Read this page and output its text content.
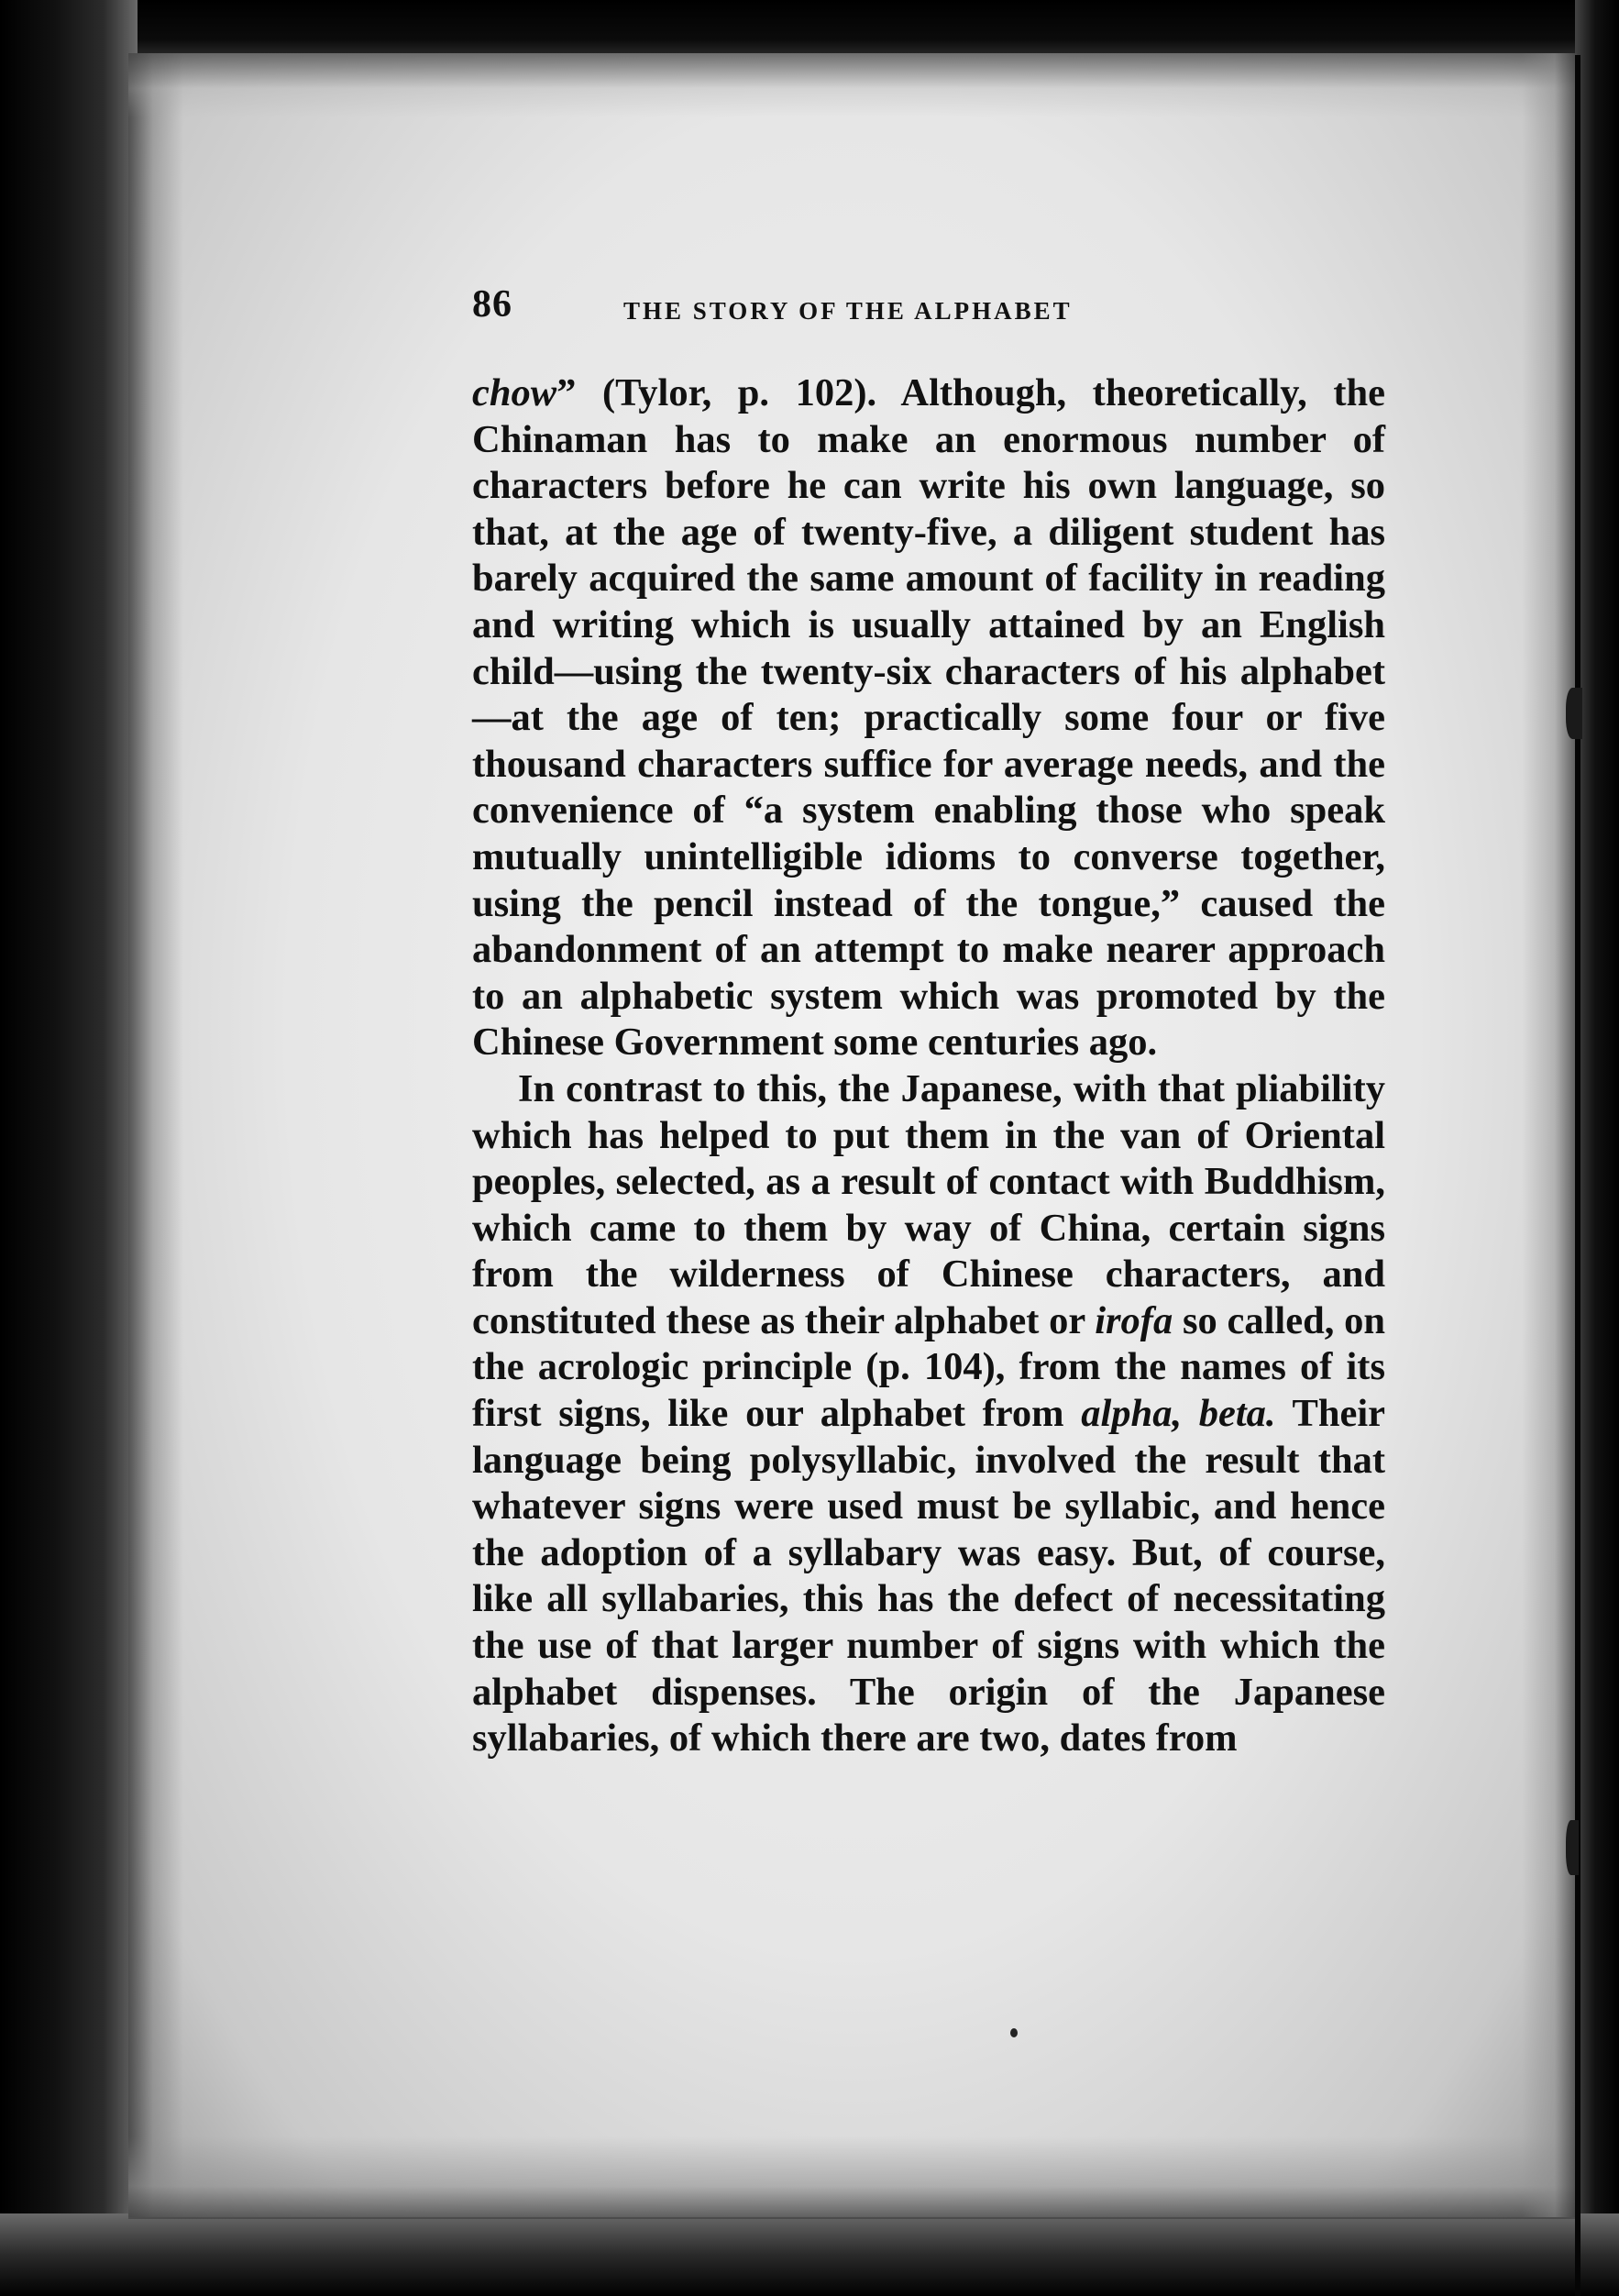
86	THE STORY OF THE ALPHABET

chow” (Tylor, p. 102). Although, theoretically, the Chinaman has to make an enormous number of characters before he can write his own language, so that, at the age of twenty-five, a diligent student has barely acquired the same amount of facility in reading and writing which is usually attained by an English child—using the twenty-six characters of his alphabet—at the age of ten; practically some four or five thousand characters suffice for average needs, and the convenience of “a system enabling those who speak mutually unintelligible idioms to converse together, using the pencil instead of the tongue,” caused the abandonment of an attempt to make nearer approach to an alphabetic system which was promoted by the Chinese Government some centuries ago.

In contrast to this, the Japanese, with that pliability which has helped to put them in the van of Oriental peoples, selected, as a result of contact with Buddhism, which came to them by way of China, certain signs from the wilderness of Chinese characters, and constituted these as their alphabet or irofa so called, on the acrologic principle (p. 104), from the names of its first signs, like our alphabet from alpha, beta. Their language being polysyllabic, involved the result that whatever signs were used must be syllabic, and hence the adoption of a syllabary was easy. But, of course, like all syllabaries, this has the defect of necessitating the use of that larger number of signs with which the alphabet dispenses. The origin of the Japanese syllabaries, of which there are two, dates from
